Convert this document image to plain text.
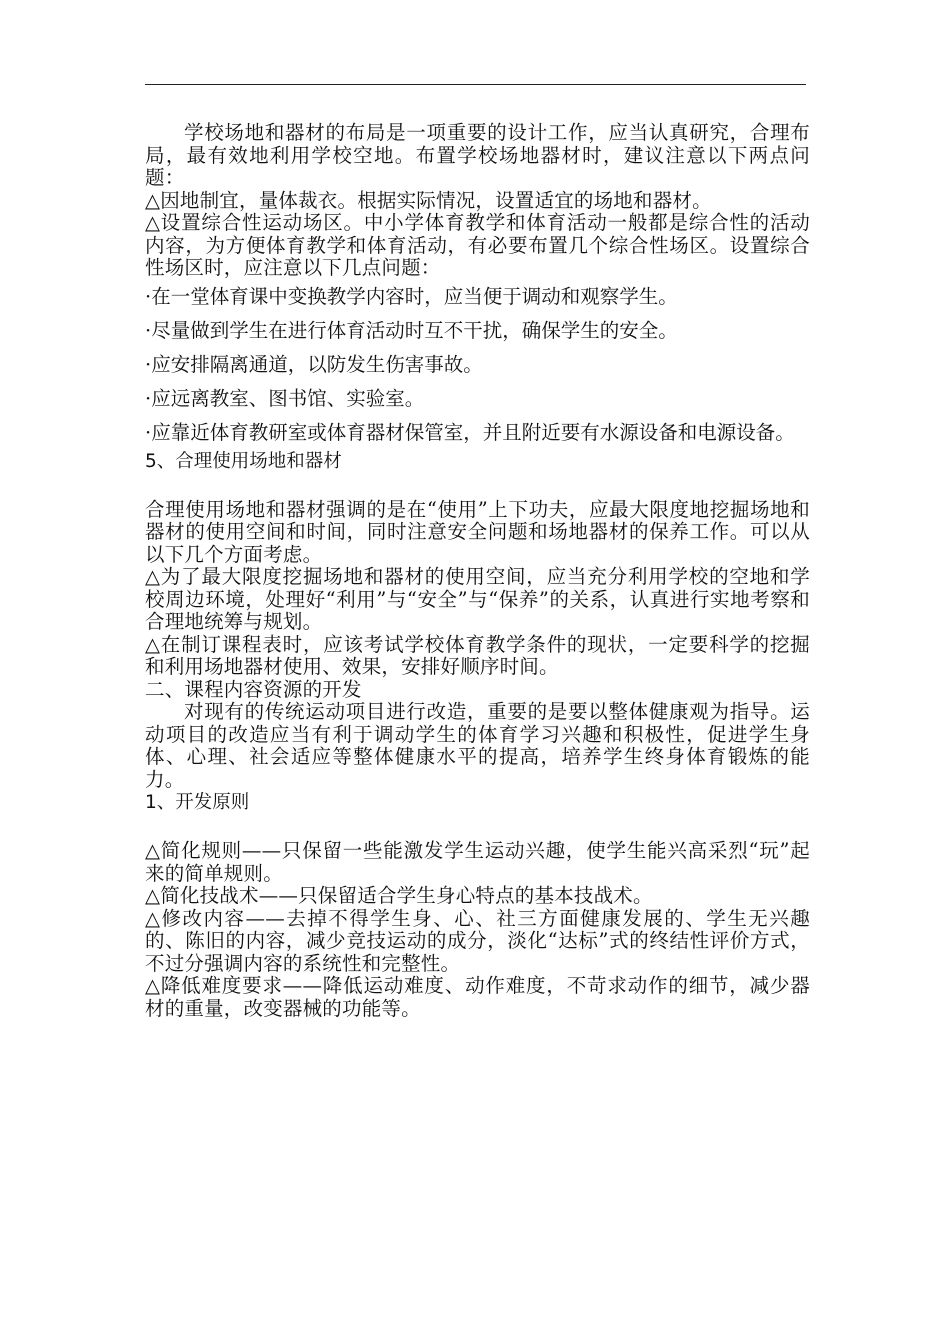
学校场地和器材的布局是一项重要的设计工作，应当认真研究，合理布局，最有效地利用学校空地。布置学校场地器材时，建议注意以下两点问题：

△因地制宜，量体裁衣。根据实际情况，设置适宜的场地和器材。

△设置综合性运动场区。中小学体育教学和体育活动一般都是综合性的活动内容，为方便体育教学和体育活动，有必要布置几个综合性场区。设置综合性场区时，应注意以下几点问题：

·在一堂体育课中变换教学内容时，应当便于调动和观察学生。

·尽量做到学生在进行体育活动时互不干扰，确保学生的安全。

·应安排隔离通道，以防发生伤害事故。

·应远离教室、图书馆、实验室。

·应靠近体育教研室或体育器材保管室，并且附近要有水源设备和电源设备。

5、合理使用场地和器材

合理使用场地和器材强调的是在“使用”上下功夫，应最大限度地挖掘场地和器材的使用空间和时间，同时注意安全问题和场地器材的保养工作。可以从以下几个方面考虑。

△为了最大限度挖掘场地和器材的使用空间，应当充分利用学校的空地和学校周边环境，处理好“利用”与“安全”与“保养”的关系，认真进行实地考察和合理地统筹与规划。

△在制订课程表时，应该考试学校体育教学条件的现状，一定要科学的挖掘和利用场地器材使用、效果，安排好顺序时间。

二、课程内容资源的开发

对现有的传统运动项目进行改造，重要的是要以整体健康观为指导。运动项目的改造应当有利于调动学生的体育学习兴趣和积极性，促进学生身体、心理、社会适应等整体健康水平的提高，培养学生终身体育锻炼的能力。

1、开发原则

△简化规则——只保留一些能激发学生运动兴趣，使学生能兴高采烈“玩”起来的简单规则。

△简化技战术——只保留适合学生身心特点的基本技战术。

△修改内容——去掉不得学生身、心、社三方面健康发展的、学生无兴趣的、陈旧的内容，减少竞技运动的成分，淡化“达标”式的终结性评价方式，不过分强调内容的系统性和完整性。

△降低难度要求——降低运动难度、动作难度，不苛求动作的细节，减少器材的重量，改变器械的功能等。
